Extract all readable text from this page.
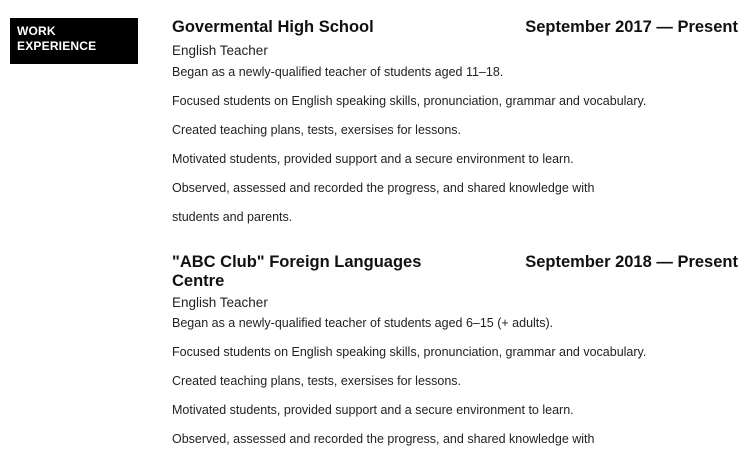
WORK
EXPERIENCE
Govermental High School	September 2017 — Present
English Teacher
Began as a newly-qualified teacher of students aged 11–18.
Focused students on English speaking skills, pronunciation, grammar and vocabulary.
Created teaching plans, tests, exersises for lessons.
Motivated students, provided support and a secure environment to learn.
Observed, assessed and recorded the progress, and shared knowledge with
students and parents.
"ABC Club" Foreign Languages
Centre
September 2018 — Present
English Teacher
Began as a newly-qualified teacher of students aged 6–15 (+ adults).
Focused students on English speaking skills, pronunciation, grammar and vocabulary.
Created teaching plans, tests, exersises for lessons.
Motivated students, provided support and a secure environment to learn.
Observed, assessed and recorded the progress, and shared knowledge with
